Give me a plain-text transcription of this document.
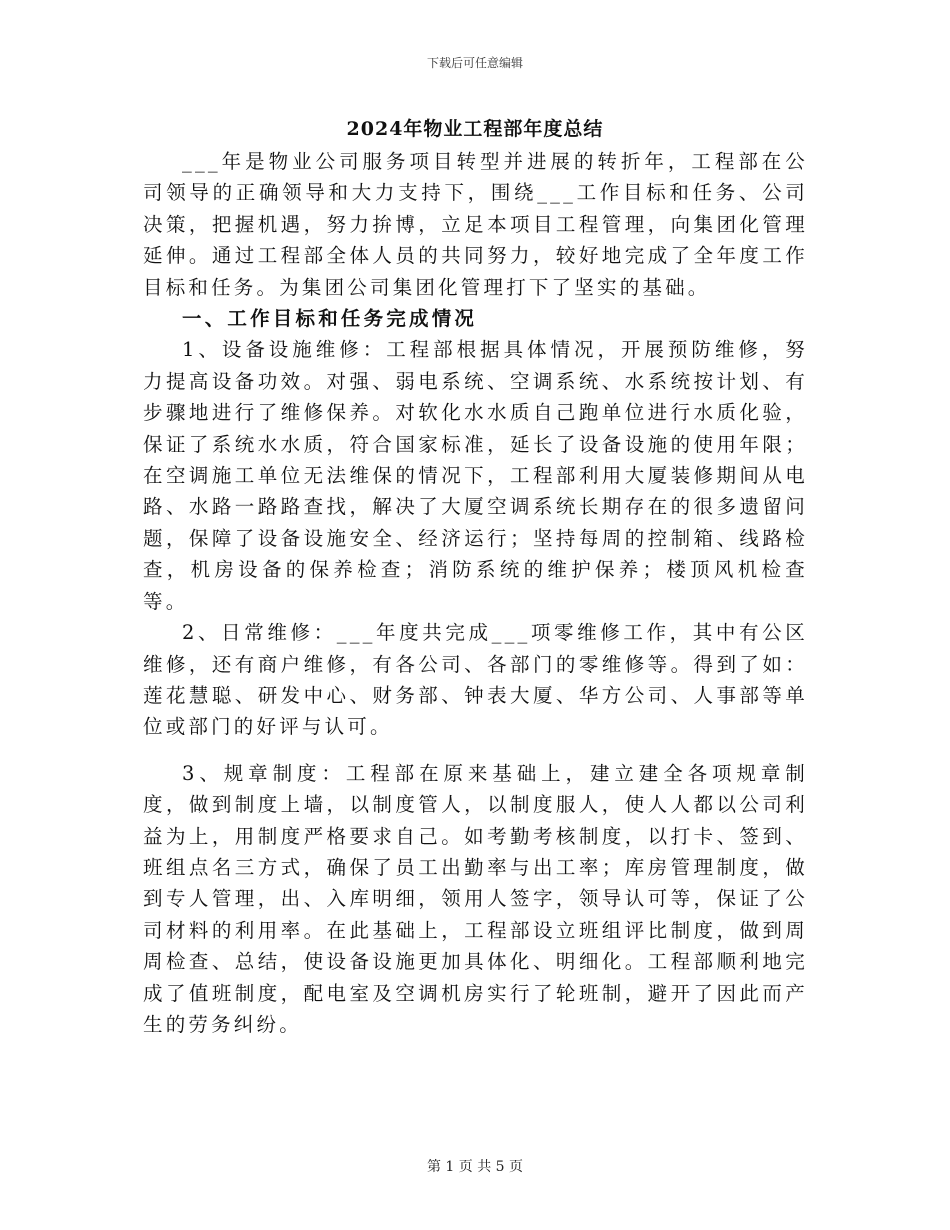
下载后可任意编辑
2024年物业工程部年度总结

___年是物业公司服务项目转型并进展的转折年，工程部在公司领导的正确领导和大力支持下，围绕___工作目标和任务、公司决策，把握机遇，努力拚博，立足本项目工程管理，向集团化管理延伸。通过工程部全体人员的共同努力，较好地完成了全年度工作目标和任务。为集团公司集团化管理打下了坚实的基础。

一、工作目标和任务完成情况

1、设备设施维修：工程部根据具体情况，开展预防维修，努力提高设备功效。对强、弱电系统、空调系统、水系统按计划、有步骤地进行了维修保养。对软化水水质自己跑单位进行水质化验，保证了系统水水质，符合国家标准，延长了设备设施的使用年限；在空调施工单位无法维保的情况下，工程部利用大厦装修期间从电路、水路一路路查找，解决了大厦空调系统长期存在的很多遗留问题，保障了设备设施安全、经济运行；坚持每周的控制箱、线路检查，机房设备的保养检查；消防系统的维护保养；楼顶风机检查等。

2、日常维修：___年度共完成___项零维修工作，其中有公区维修，还有商户维修，有各公司、各部门的零维修等。得到了如：莲花慧聪、研发中心、财务部、钟表大厦、华方公司、人事部等单位或部门的好评与认可。

3、规章制度：工程部在原来基础上，建立建全各项规章制度，做到制度上墙，以制度管人，以制度服人，使人人都以公司利益为上，用制度严格要求自己。如考勤考核制度，以打卡、签到、班组点名三方式，确保了员工出勤率与出工率；库房管理制度，做到专人管理，出、入库明细，领用人签字，领导认可等，保证了公司材料的利用率。在此基础上，工程部设立班组评比制度，做到周周检查、总结，使设备设施更加具体化、明细化。工程部顺利地完成了值班制度，配电室及空调机房实行了轮班制，避开了因此而产生的劳务纠纷。

第 1 页 共 5 页
